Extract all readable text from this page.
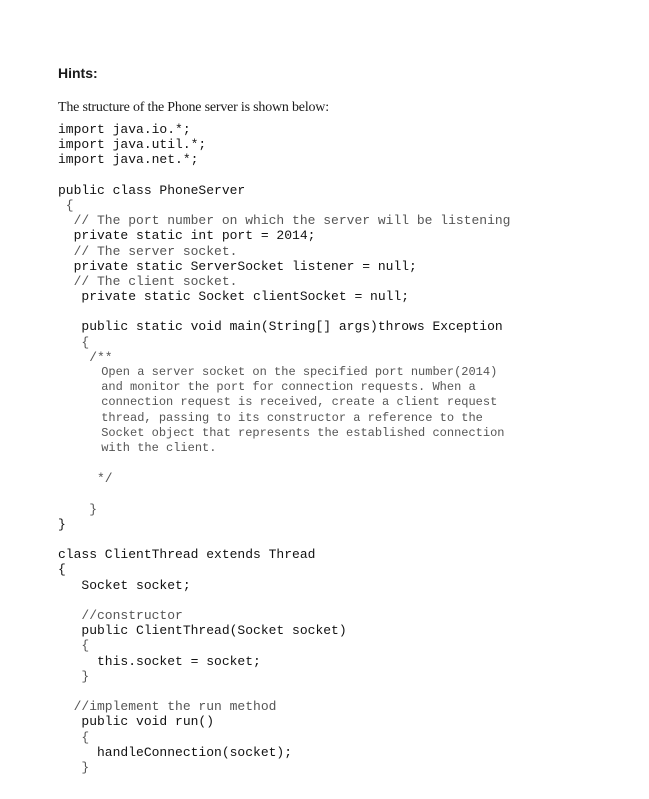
Hints:

The structure of the Phone server is shown below:

import java.io.*;
import java.util.*;
import java.net.*;
public class PhoneServer
{
// The port number on which the server will be listening
private static int port = 2014;
// The server socket.
private static ServerSocket listener = null;
// The client socket.
private static Socket clientSocket = null;
public static void main(String[] args)throws Exception
{
/**
Open a server socket on the specified port number(2014)
and monitor the port for connection requests. When a
connection request is received, create a client request
thread, passing to its constructor a reference to the
Socket object that represents the established connection
with the client.
*/
}
}
class ClientThread extends Thread
{
Socket socket;
//constructor
public ClientThread(Socket socket)
{
this.socket = socket;
}
//implement the run method
public void run()
{
handleConnection(socket);
}
